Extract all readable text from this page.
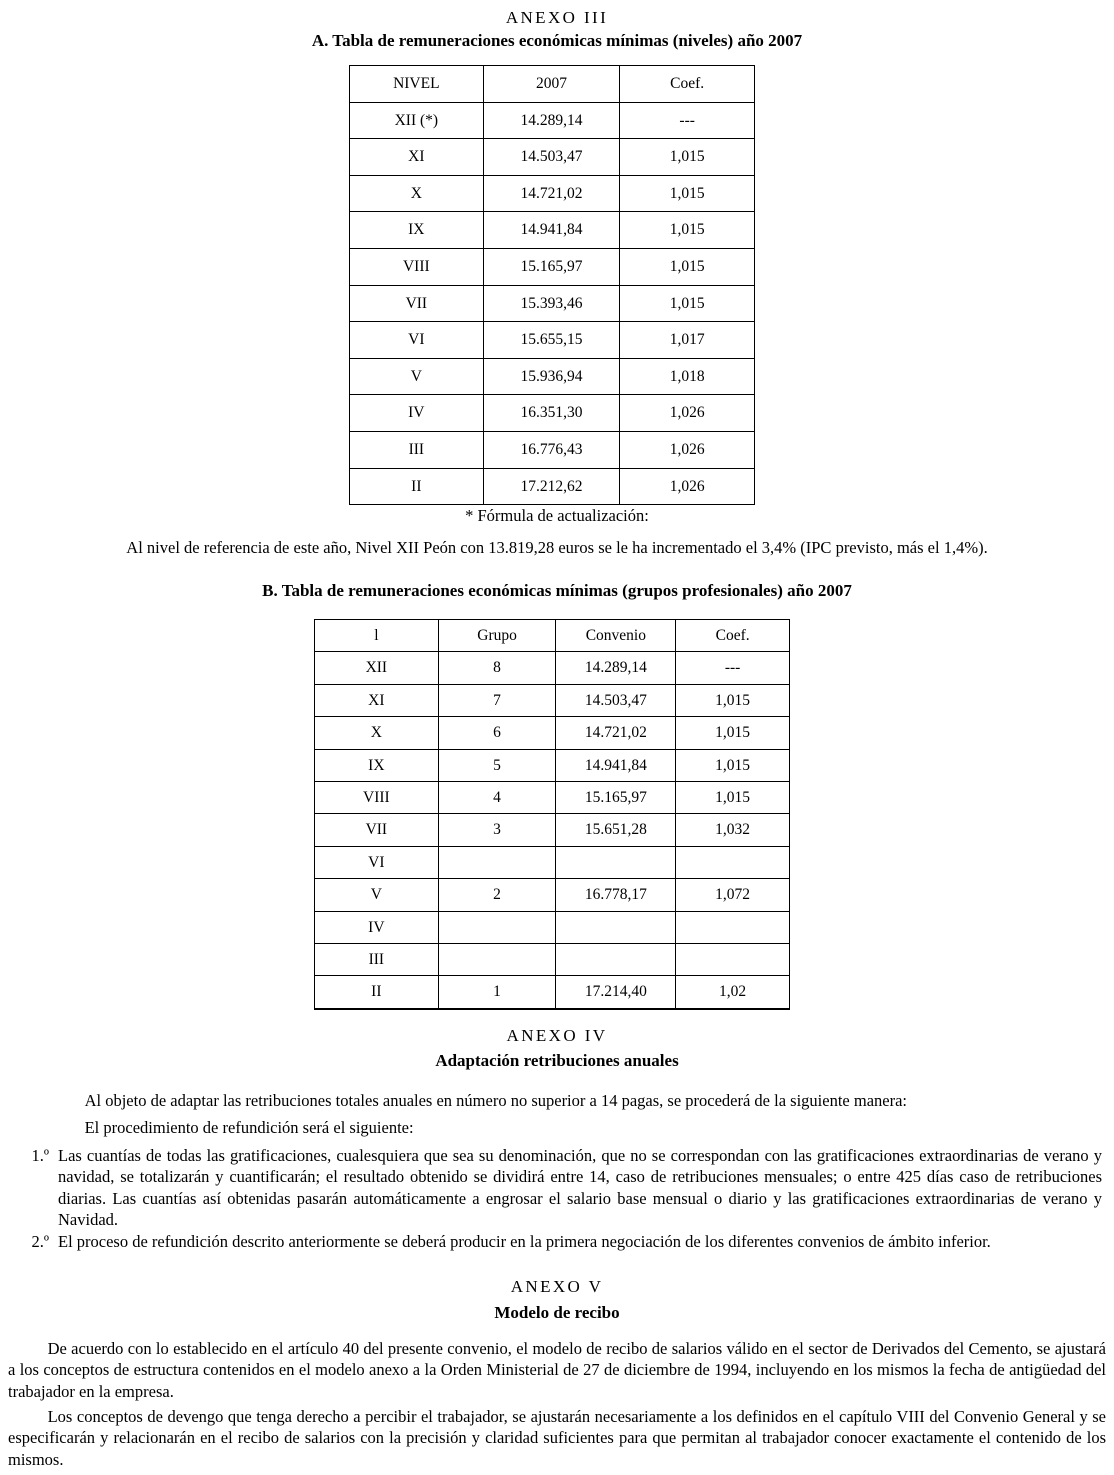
ANEXO III
A. Tabla de remuneraciones económicas mínimas (niveles) año 2007
NIVEL	2007	Coef.
XII (*)	14.289,14	---
XI	14.503,47	1,015
X	14.721,02	1,015
IX	14.941,84	1,015
VIII	15.165,97	1,015
VII	15.393,46	1,015
VI	15.655,15	1,017
V	15.936,94	1,018
IV	16.351,30	1,026
III	16.776,43	1,026
II	17.212,62	1,026

* Fórmula de actualización:

Al nivel de referencia de este año, Nivel XII Peón con 13.819,28 euros se le ha incrementado el 3,4% (IPC previsto, más el 1,4%).

B. Tabla de remuneraciones económicas mínimas (grupos profesionales) año 2007
l	Grupo	Convenio	Coef.
XII	8	14.289,14	---
XI	7	14.503,47	1,015
X	6	14.721,02	1,015
IX	5	14.941,84	1,015
VIII	4	15.165,97	1,015
VII	3	15.651,28	1,032
VI			
V	2	16.778,17	1,072
IV			
III			
II	1	17.214,40	1,02
ANEXO IV
Adaptación retribuciones anuales

Al objeto de adaptar las retribuciones totales anuales en número no superior a 14 pagas, se procederá de la siguiente manera:

El procedimiento de refundición será el siguiente:

1.º Las cuantías de todas las gratificaciones, cualesquiera que sea su denominación, que no se correspondan con las gratificaciones extraordinarias de verano y navidad, se totalizarán y cuantificarán; el resultado obtenido se dividirá entre 14, caso de retribuciones mensuales; o entre 425 días caso de retribuciones diarias. Las cuantías así obtenidas pasarán automáticamente a engrosar el salario base mensual o diario y las gratificaciones extraordinarias de verano y Navidad.
2.º El proceso de refundición descrito anteriormente se deberá producir en la primera negociación de los diferentes convenios de ámbito inferior.
ANEXO V
Modelo de recibo

De acuerdo con lo establecido en el artículo 40 del presente convenio, el modelo de recibo de salarios válido en el sector de Derivados del Cemento, se ajustará a los conceptos de estructura contenidos en el modelo anexo a la Orden Ministerial de 27 de diciembre de 1994, incluyendo en los mismos la fecha de antigüedad del trabajador en la empresa.

Los conceptos de devengo que tenga derecho a percibir el trabajador, se ajustarán necesariamente a los definidos en el capítulo VIII del Convenio General y se especificarán y relacionarán en el recibo de salarios con la precisión y claridad suficientes para que permitan al trabajador conocer exactamente el contenido de los mismos.
